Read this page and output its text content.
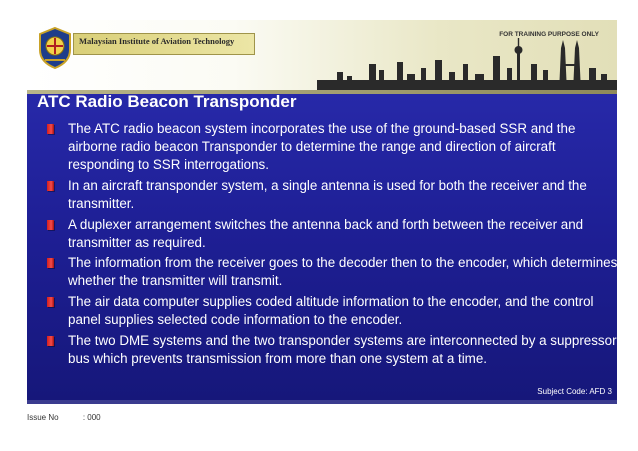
Malaysian Institute of Aviation Technology
FOR TRAINING PURPOSE ONLY
ATC Radio Beacon Transponder
The ATC radio beacon system incorporates the use of the ground-based SSR and the airborne radio beacon Transponder to determine the range and direction of aircraft responding to SSR interrogations.
In an aircraft transponder system, a single antenna is used for both the receiver and the transmitter.
A duplexer arrangement switches the antenna back and forth between the receiver and transmitter as required.
The information from the receiver goes to the decoder then to the encoder, which determines whether the transmitter will transmit.
The air data computer supplies coded altitude information to the encoder, and the control panel supplies selected code information to the encoder.
The two DME systems and the two transponder systems are interconnected by a suppressor bus which prevents transmission from more than one system at a time.
Subject Code: AFD 3
Issue No	: 000
